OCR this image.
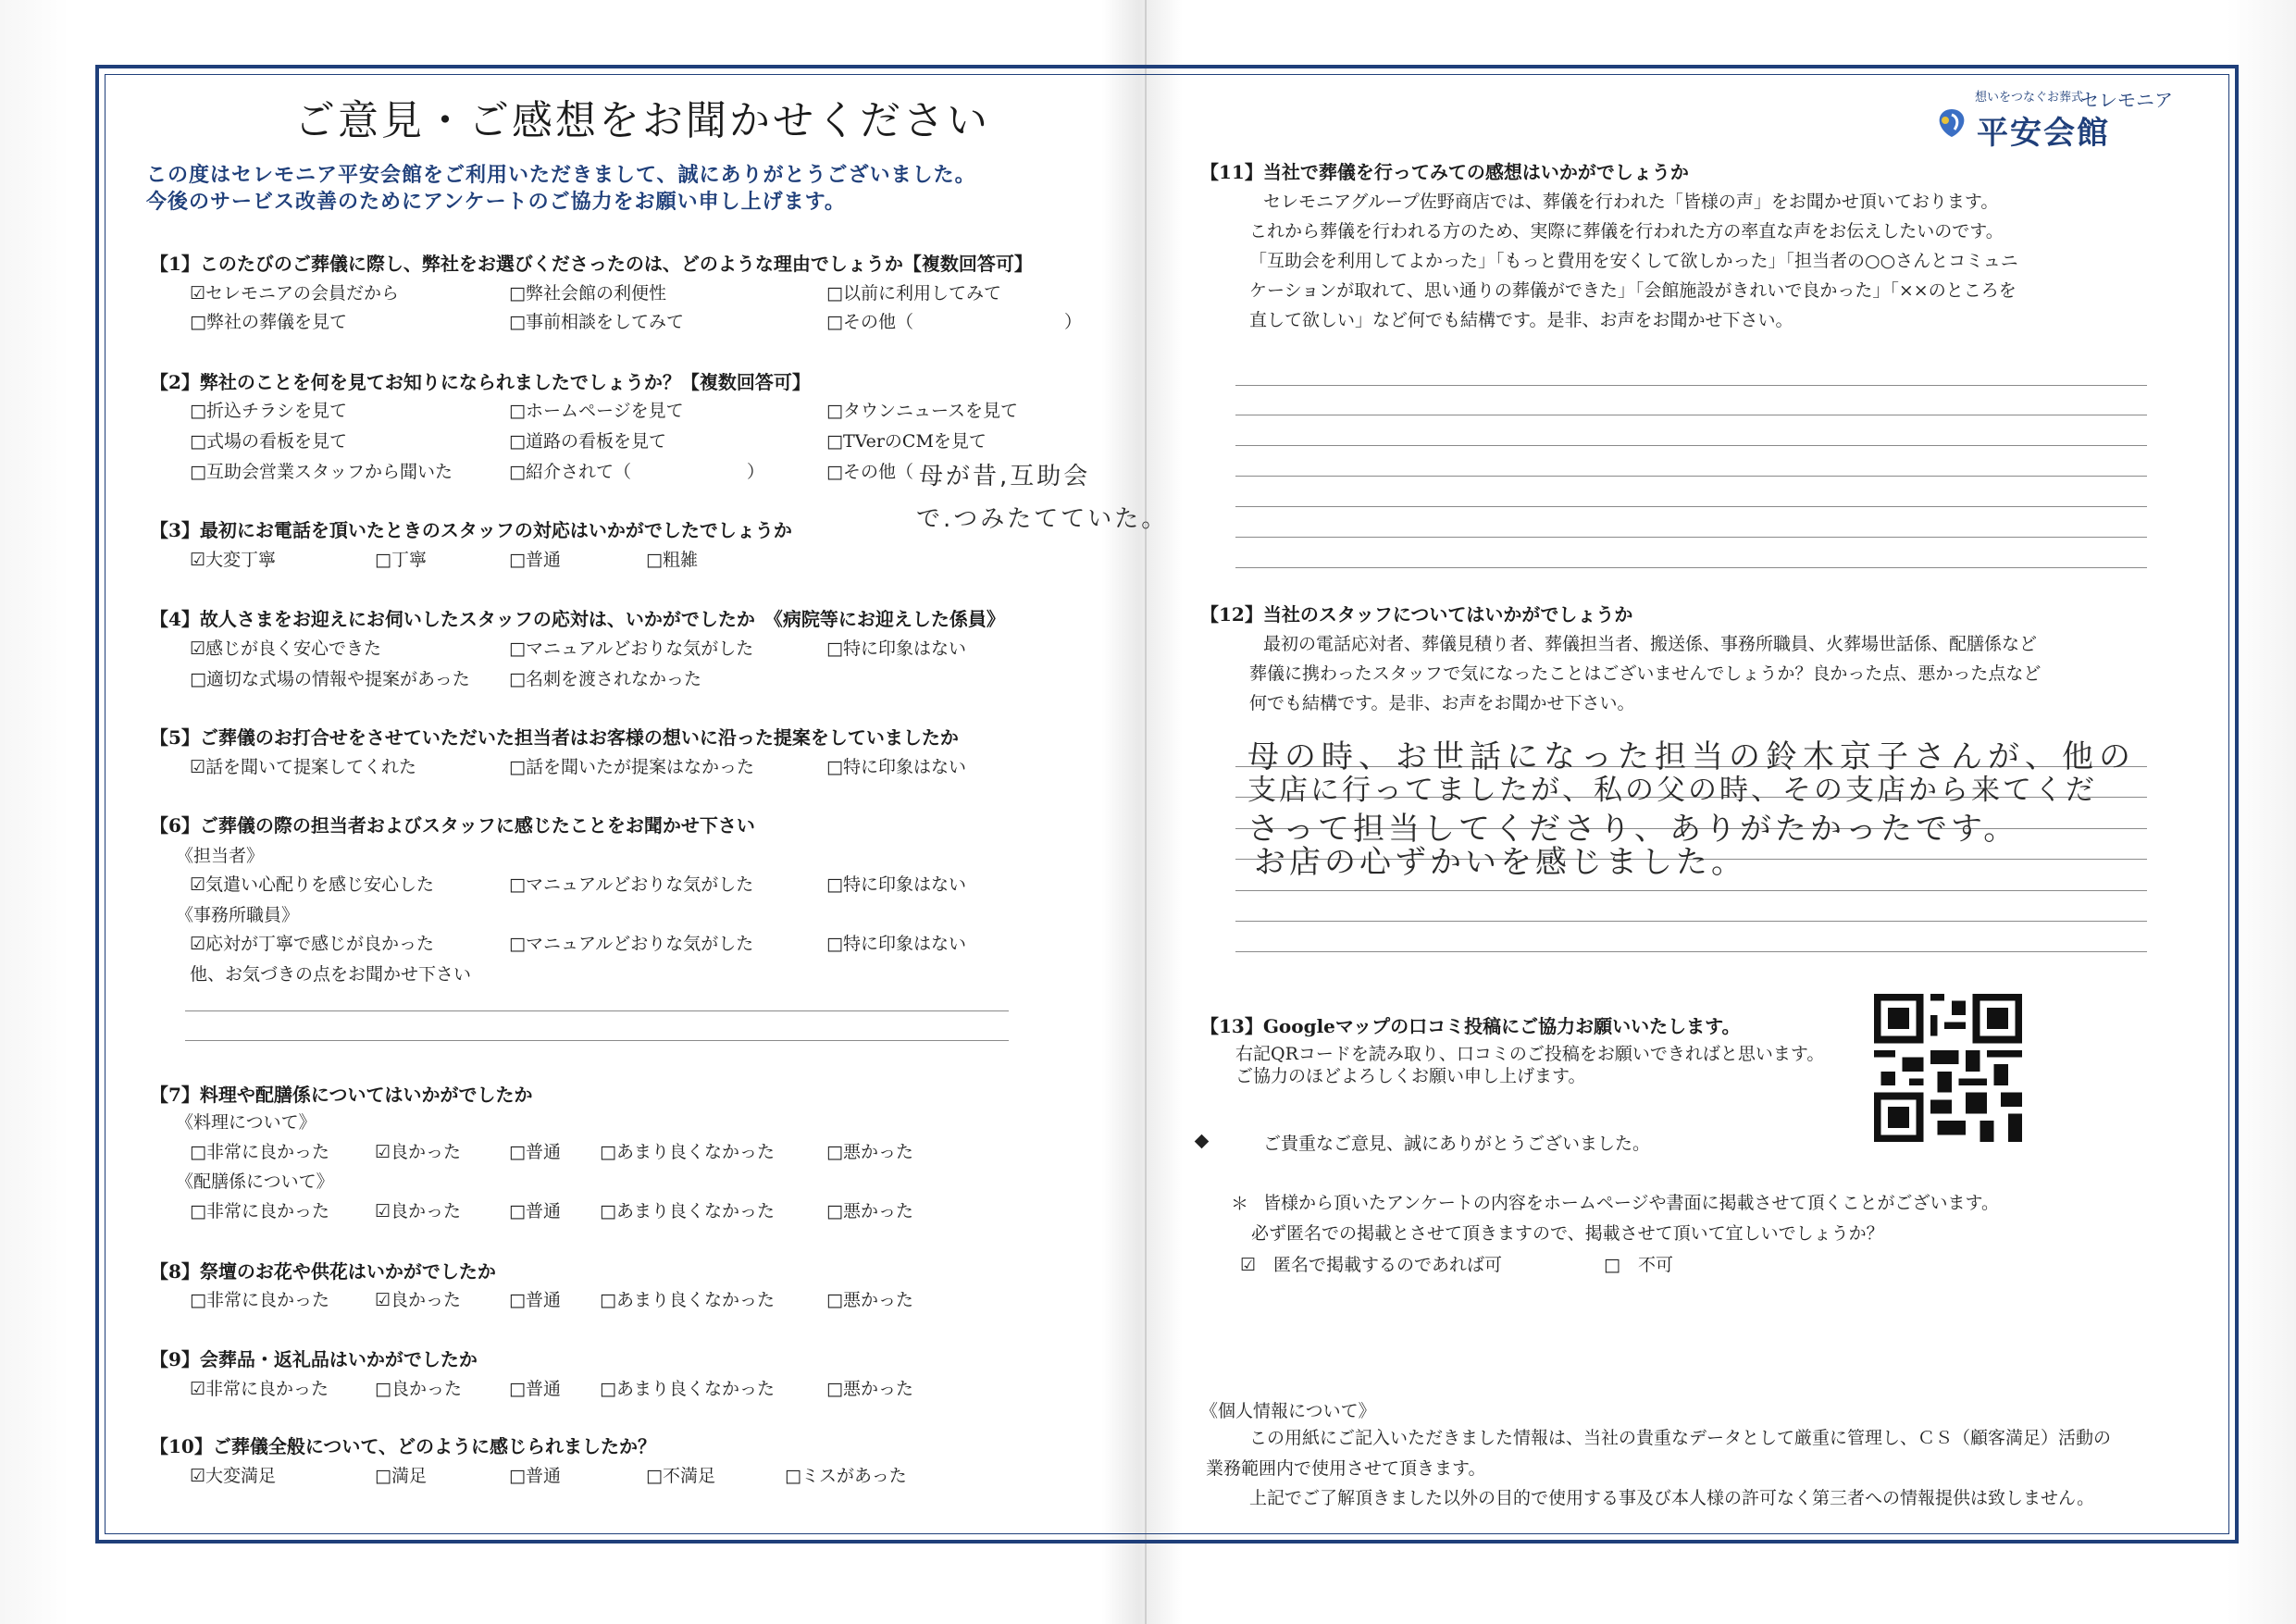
ご意見・ご感想をお聞かせください
この度はセレモニア平安会館をご利用いただきまして、誠にありがとうございました。
今後のサービス改善のためにアンケートのご協力をお願い申し上げます。
【1】このたびのご葬儀に際し、弊社をお選びくださったのは、どのような理由でしょうか【複数回答可】
☑セレモニアの会員だから	□弊社会館の利便性	□以前に利用してみて
□弊社の葬儀を見て	□事前相談をしてみて	□その他（	）
【2】弊社のことを何を見てお知りになられましたでしょうか？【複数回答可】
□折込チラシを見て	□ホームページを見て	□タウンニュースを見て
□式場の看板を見て	□道路の看板を見て	□TVerのCMを見て
□互助会営業スタッフから聞いた	□紹介されて（	）	□その他（ 母が昔,互助会
で.つみたてていた。
【3】最初にお電話を頂いたときのスタッフの対応はいかがでしたでしょうか
☑大変丁寧	□丁寧	□普通	□粗雑
【4】故人さまをお迎えにお伺いしたスタッフの応対は、いかがでしたか　《病院等にお迎えした係員》
☑感じが良く安心できた	□マニュアルどおりな気がした	□特に印象はない
□適切な式場の情報や提案があった □名刺を渡されなかった
【5】ご葬儀のお打合せをさせていただいた担当者はお客様の想いに沿った提案をしていましたか
☑話を聞いて提案してくれた	□話を聞いたが提案はなかった	□特に印象はない
【6】ご葬儀の際の担当者およびスタッフに感じたことをお聞かせ下さい
《担当者》
☑気遣い心配りを感じ安心した	□マニュアルどおりな気がした	□特に印象はない
《事務所職員》
☑応対が丁寧で感じが良かった	□マニュアルどおりな気がした	□特に印象はない
他、お気づきの点をお聞かせ下さい
【7】料理や配膳係についてはいかがでしたか
《料理について》
□非常に良かった	☑良かった	□普通 □あまり良くなかった	□悪かった
《配膳係について》
□非常に良かった	☑良かった	□普通 □あまり良くなかった	□悪かった
【8】祭壇のお花や供花はいかがでしたか
□非常に良かった	☑良かった	□普通 □あまり良くなかった	□悪かった
【9】会葬品・返礼品はいかがでしたか
☑非常に良かった	□良かった	□普通 □あまり良くなかった	□悪かった
【10】ご葬儀全般について、どのように感じられましたか？
☑大変満足	□満足	□普通	□不満足	□ミスがあった
想いをつなぐお葬式
セレモニア
平安会館
【11】当社で葬儀を行ってみての感想はいかがでしょうか
セレモニアグループ佐野商店では、葬儀を行われた「皆様の声」をお聞かせ頂いております。
これから葬儀を行われる方のため、実際に葬儀を行われた方の率直な声をお伝えしたいのです。
「互助会を利用してよかった」「もっと費用を安くして欲しかった」「担当者の○○さんとコミュニ
ケーションが取れて、思い通りの葬儀ができた」「会館施設がきれいで良かった」「××のところを
直して欲しい」など何でも結構です。是非、お声をお聞かせ下さい。
【12】当社のスタッフについてはいかがでしょうか
最初の電話応対者、葬儀見積り者、葬儀担当者、搬送係、事務所職員、火葬場世話係、配膳係など
葬儀に携わったスタッフで気になったことはございませんでしょうか？良かった点、悪かった点など
何でも結構です。是非、お声をお聞かせ下さい。
母の時、お世話になった担当の鈴木京子さんが、他の
支店に行ってましたが、私の父の時、その支店から来てくだ
さって担当してくださり、ありがたかったです。
お店の心ずかいを感じました。
【13】Googleマップの口コミ投稿にご協力お願いいたします。
右記QRコードを読み取り、口コミのご投稿をお願いできればと思います。
ご協力のほどよろしくお願い申し上げます。
ご貴重なご意見、誠にありがとうございました。
＊ 皆様から頂いたアンケートの内容をホームページや書面に掲載させて頂くことがございます。
必ず匿名での掲載とさせて頂きますので、掲載させて頂いて宜しいでしょうか？
☑　匿名で掲載するのであれば可	□　不可
《個人情報について》
この用紙にご記入いただきました情報は、当社の貴重なデータとして厳重に管理し、ＣＳ（顧客満足）活動の
業務範囲内で使用させて頂きます。
上記でご了解頂きました以外の目的で使用する事及び本人様の許可なく第三者への情報提供は致しません。
